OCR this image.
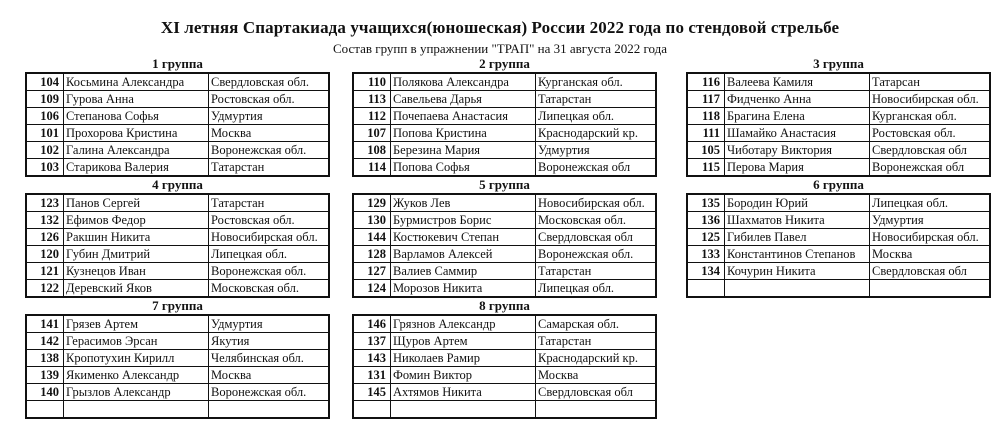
XI летняя Спартакиада учащихся(юношеская) России 2022 года по стендовой стрельбе
Состав групп в упражнении "ТРАП" на 31 августа 2022 года
1 группа
104	Косьмина Александра	Свердловская обл.
109	Гурова Анна	Ростовская обл.
106	Степанова Софья	Удмуртия
101	Прохорова Кристина	Москва
102	Галина Александра	Воронежская обл.
103	Старикова Валерия	Татарстан
2 группа
110	Полякова Александра	Курганская обл.
113	Савельева Дарья	Татарстан
112	Почепаева Анастасия	Липецкая обл.
107	Попова Кристина	Краснодарский кр.
108	Березина Мария	Удмуртия
114	Попова Софья	Воронежская обл
3 группа
116	Валеева Камиля	Татарсан
117	Фидченко Анна	Новосибирская обл.
118	Брагина Елена	Курганская обл.
111	Шамайко Анастасия	Ростовская обл.
105	Чиботару Виктория	Свердловская обл
115	Перова Мария	Воронежская обл
4 группа
123	Панов Сергей	Татарстан
132	Ефимов Федор	Ростовская обл.
126	Ракшин Никита	Новосибирская обл.
120	Губин Дмитрий	Липецкая обл.
121	Кузнецов Иван	Воронежская обл.
122	Деревский Яков	Московская обл.
5 группа
129	Жуков Лев	Новосибирская обл.
130	Бурмистров Борис	Московская обл.
144	Костюкевич Степан	Свердловская обл
128	Варламов Алексей	Воронежская обл.
127	Валиев Саммир	Татарстан
124	Морозов Никита	Липецкая обл.
6 группа
135	Бородин Юрий	Липецкая обл.
136	Шахматов Никита	Удмуртия
125	Гибилев Павел	Новосибирская обл.
133	Константинов Степанов	Москва
134	Кочурин Никита	Свердловская обл

7 группа
141	Грязев Артем	Удмуртия
142	Герасимов Эрсан	Якутия
138	Кропотухин Кирилл	Челябинская обл.
139	Якименко Александр	Москва
140	Грызлов Александр	Воронежская обл.

8 группа
146	Грязнов Александр	Самарская обл.
137	Щуров Артем	Татарстан
143	Николаев Рамир	Краснодарский кр.
131	Фомин Виктор	Москва
145	Ахтямов Никита	Свердловская обл
